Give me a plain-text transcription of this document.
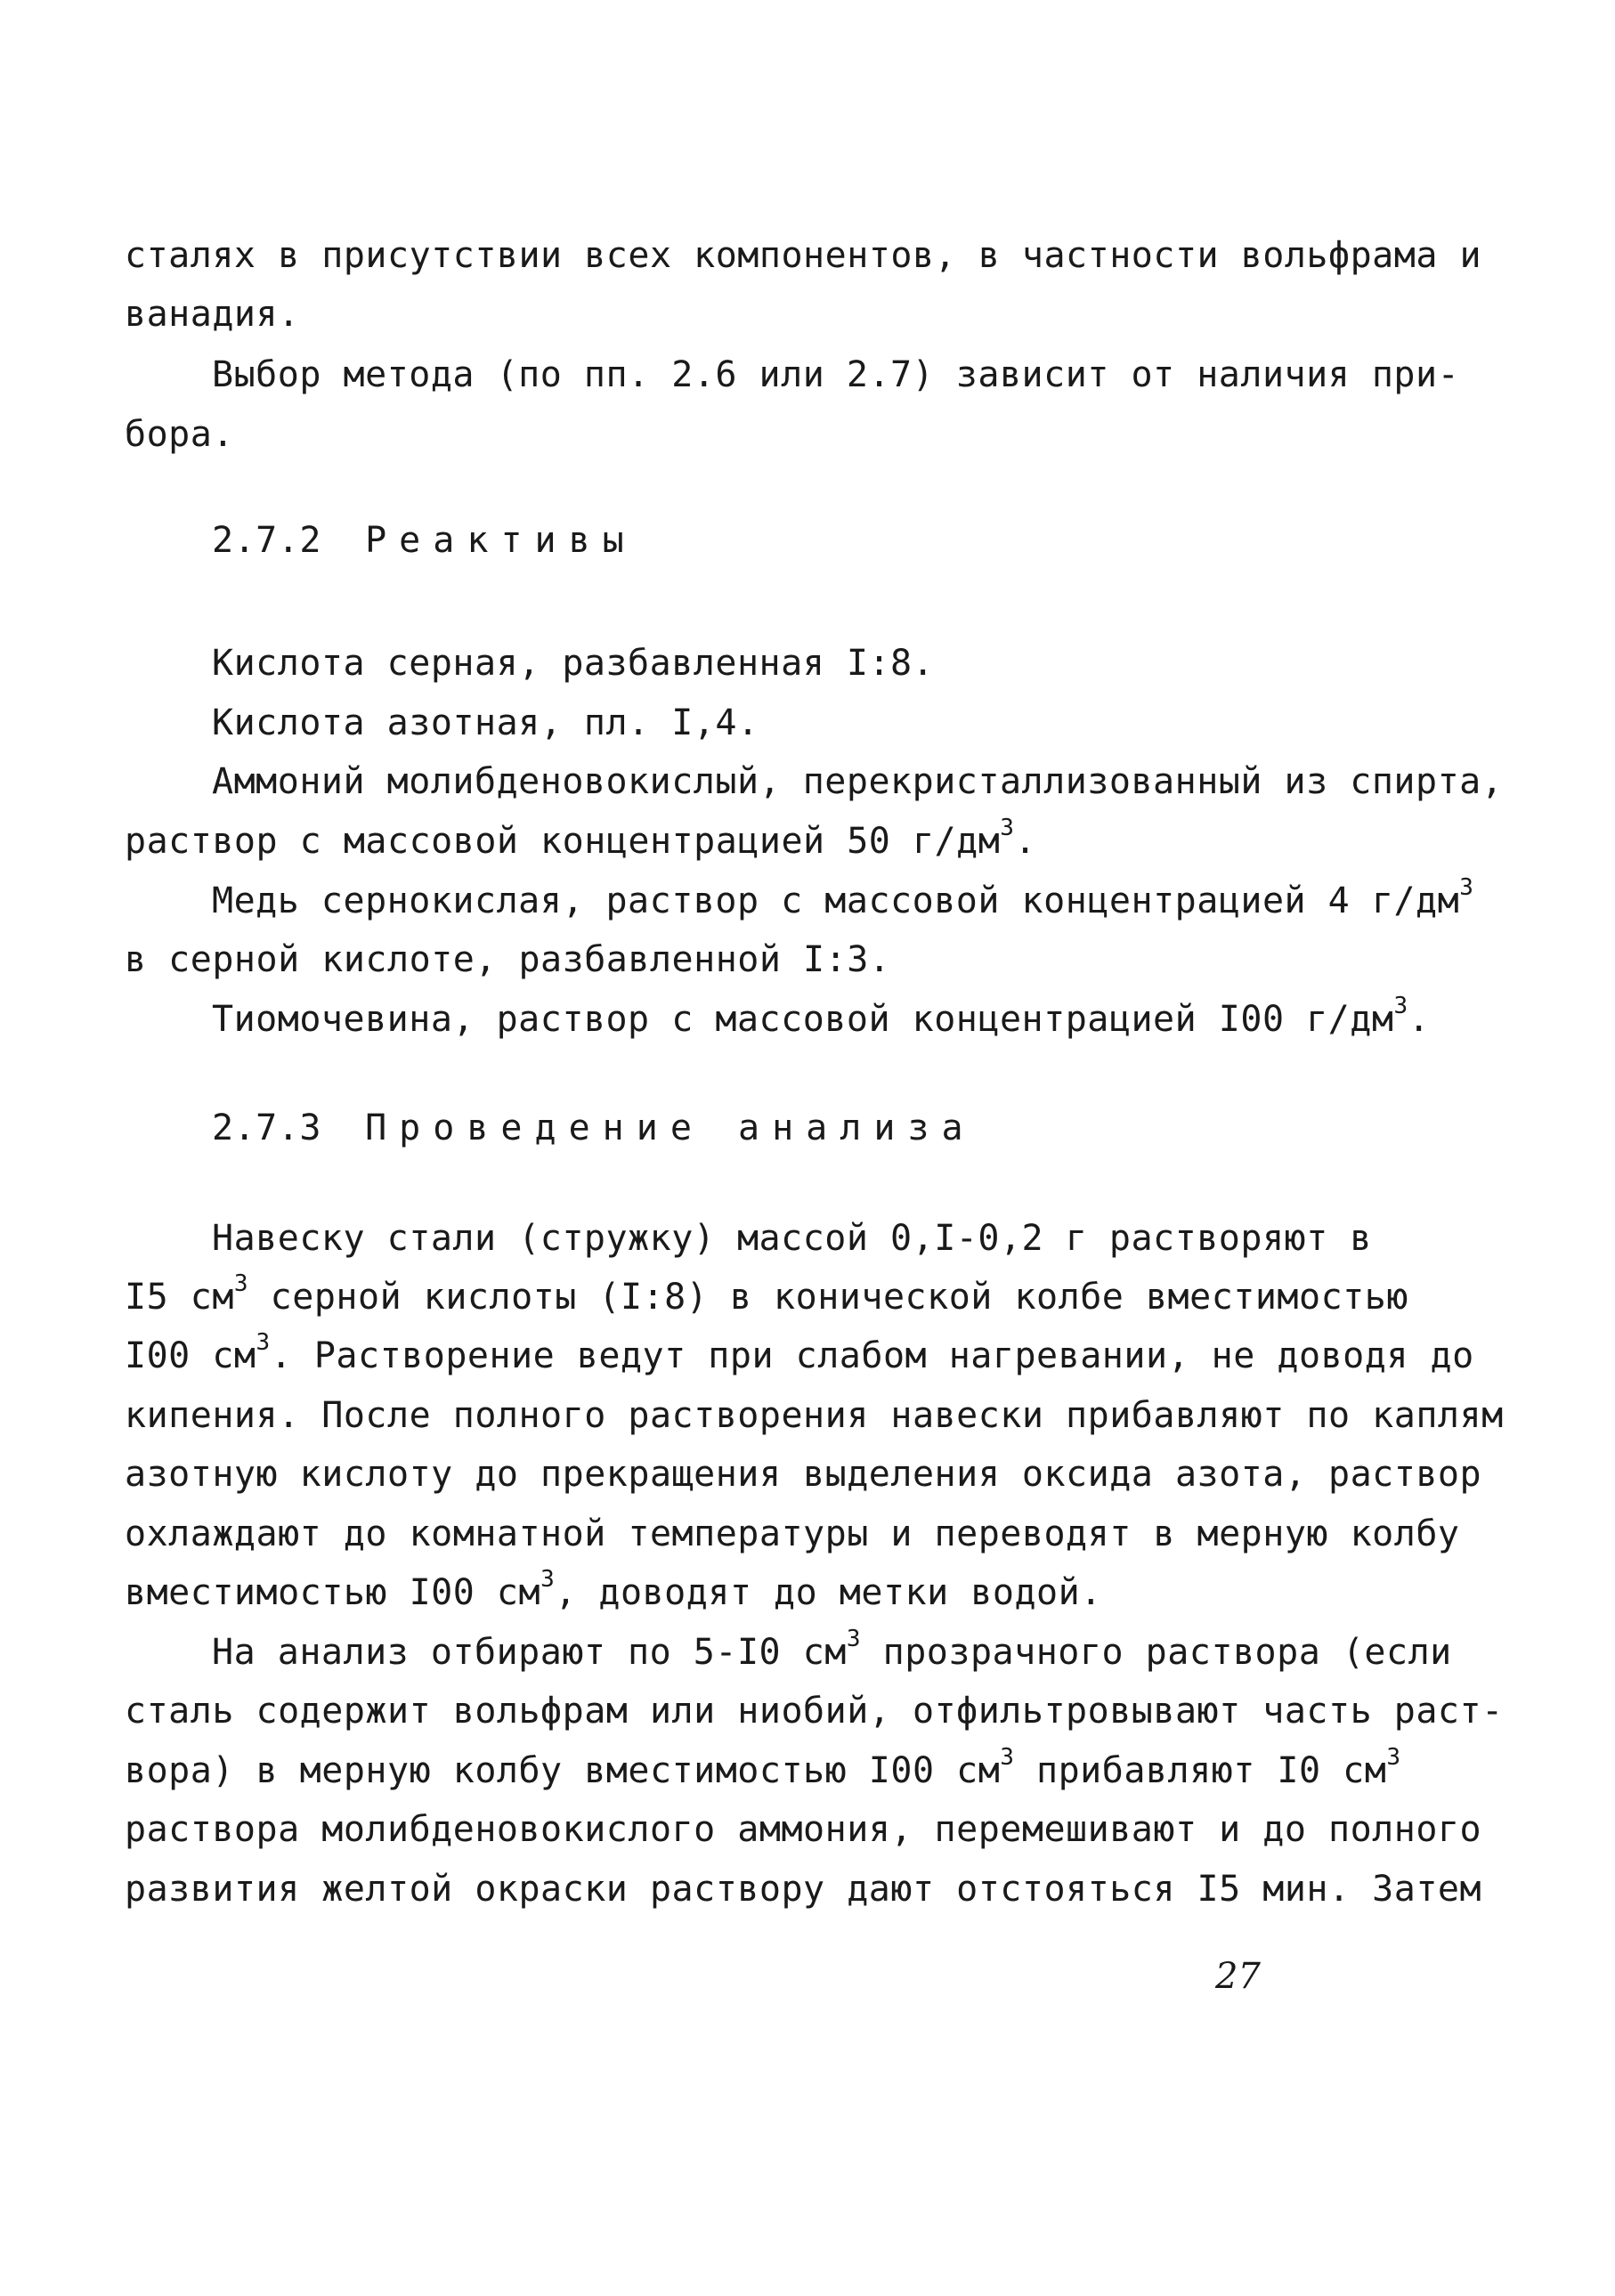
сталях в присутствии всех компонентов, в частности вольфрама и
ванадия.
Выбор метода (по пп. 2.6 или 2.7) зависит от наличия при-
бора.
2.7.2 Реактивы
Кислота серная, разбавленная I:8.
Кислота азотная, пл. I,4.
Аммоний молибденовокислый, перекристаллизованный из спирта,
раствор с массовой концентрацией 50 $г/дм^3$.
Медь сернокислая, раствор с массовой концентрацией 4 $г/дм^3$
в серной кислоте, разбавленной I:3.
Тиомочевина, раствор с массовой концентрацией I00 $г/дм^3$.
2.7.3 Проведение анализа
Навеску стали (стружку) массой 0,I-0,2 г растворяют в
I5 $см^3$ серной кислоты (I:8) в конической колбе вместимостью
I00 $см^3$. Растворение ведут при слабом нагревании, не доводя до
кипения. После полного растворения навески прибавляют по каплям
азотную кислоту до прекращения выделения оксида азота, раствор
охлаждают до комнатной температуры и переводят в мерную колбу
вместимостью I00 $см^3$, доводят до метки водой.
На анализ отбирают по 5-I0 $см^3$ прозрачного раствора (если
сталь содержит вольфрам или ниобий, отфильтровывают часть раст-
вора) в мерную колбу вместимостью I00 $см^3$ прибавляют I0 $см^3$
раствора молибденовокислого аммония, перемешивают и до полного
развития желтой окраски раствору дают отстояться I5 мин. Затем
27
